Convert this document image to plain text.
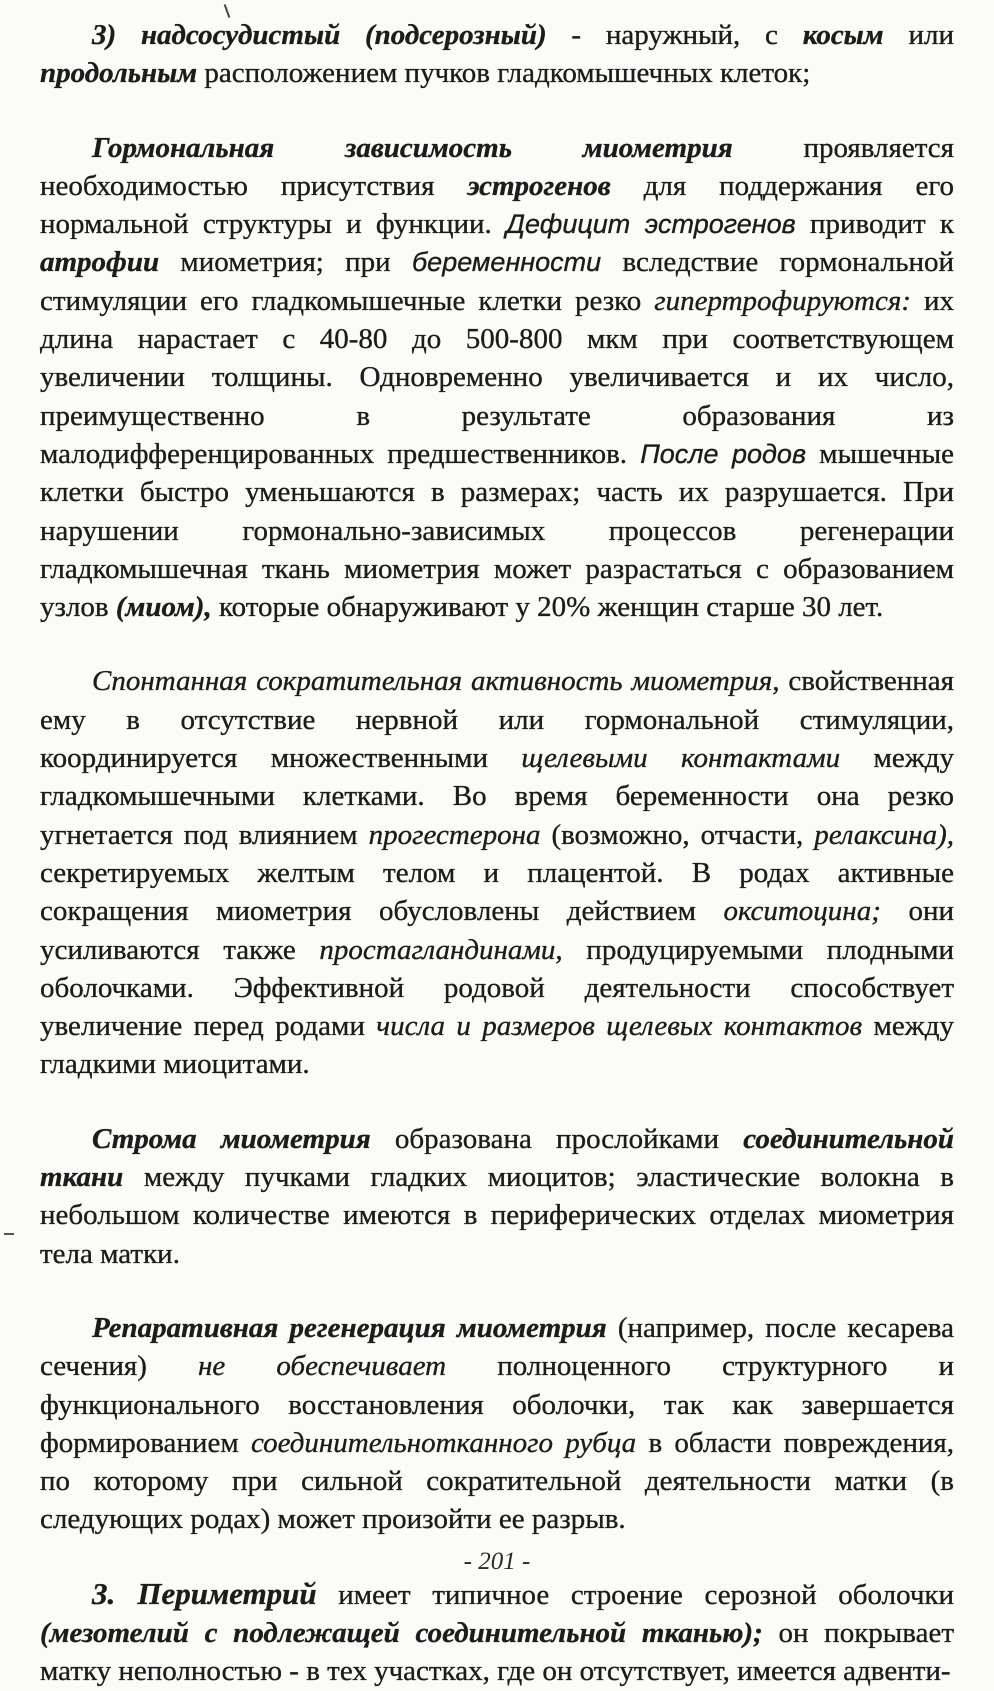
3) надсосудистый (подсерозный) - наружный, с косым или продольным расположением пучков гладкомышечных клеток;

Гормональная зависимость миометрия проявляется необходимостью присутствия эстрогенов для поддержания его нормальной структуры и функции. Дефицит эстрогенов приводит к атрофии миометрия; при беременности вследствие гормональной стимуляции его гладкомышечные клетки резко гипертрофируются: их длина нарастает с 40-80 до 500-800 мкм при соответствующем увеличении толщины. Одновременно увеличивается и их число, преимущественно в результате образования из малодифференцированных предшественников. После родов мышечные клетки быстро уменьшаются в размерах; часть их разрушается. При нарушении гормонально-зависимых процессов регенерации гладкомышечная ткань миометрия может разрастаться с образованием узлов (миом), которые обнаруживают у 20% женщин старше 30 лет.

Спонтанная сократительная активность миометрия, свойственная ему в отсутствие нервной или гормональной стимуляции, координируется множественными щелевыми контактами между гладкомышечными клетками. Во время беременности она резко угнетается под влиянием прогестерона (возможно, отчасти, релаксина), секретируемых желтым телом и плацентой. В родах активные сокращения миометрия обусловлены действием окситоцина; они усиливаются также простагландинами, продуцируемыми плодными оболочками. Эффективной родовой деятельности способствует увеличение перед родами числа и размеров щелевых контактов между гладкими миоцитами.

Строма миометрия образована прослойками соединительной ткани между пучками гладких миоцитов; эластические волокна в небольшом количестве имеются в периферических отделах миометрия тела матки.

Репаративная регенерация миометрия (например, после кесарева сечения) не обеспечивает полноценного структурного и функционального восстановления оболочки, так как завершается формированием соединительнотканного рубца в области повреждения, по которому при сильной сократительной деятельности матки (в следующих родах) может произойти ее разрыв.

3. Периметрий имеет типичное строение серозной оболочки (мезотелий с подлежащей соединительной тканью); он покрывает матку неполностью - в тех участках, где он отсутствует, имеется адвенти-

- 201 -
